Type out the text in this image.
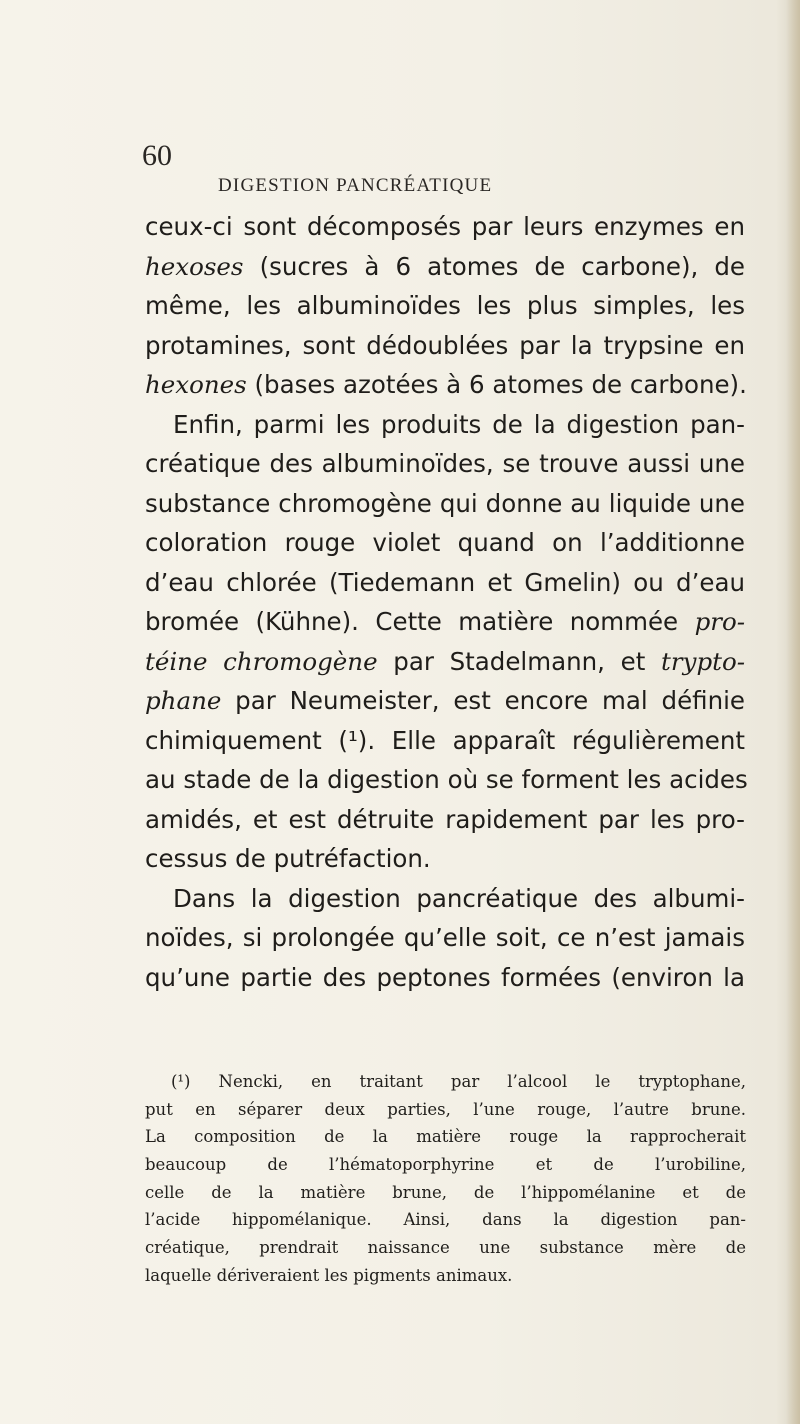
60
DIGESTION PANCRÉATIQUE
ceux-ci sont décomposés par leurs enzymes en
hexoses (sucres à 6 atomes de carbone), de
même, les albuminoïdes les plus simples, les
protamines, sont dédoublées par la trypsine en
hexones (bases azotées à 6 atomes de carbone).
Enfin, parmi les produits de la digestion pan-
créatique des albuminoïdes, se trouve aussi une
substance chromogène qui donne au liquide une
coloration rouge violet quand on l’additionne
d’eau chlorée (Tiedemann et Gmelin) ou d’eau
bromée (Kühne). Cette matière nommée pro-
téine chromogène par Stadelmann, et trypto-
phane par Neumeister, est encore mal définie
chimiquement (¹). Elle apparaît régulièrement
au stade de la digestion où se forment les acides
amidés, et est détruite rapidement par les pro-
cessus de putréfaction.
Dans la digestion pancréatique des albumi-
noïdes, si prolongée qu’elle soit, ce n’est jamais
qu’une partie des peptones formées (environ la
(¹) Nencki, en traitant par l’alcool le tryptophane,
put en séparer deux parties, l’une rouge, l’autre brune.
La composition de la matière rouge la rapprocherait
beaucoup de l’hématoporphyrine et de l’urobiline,
celle de la matière brune, de l’hippomélanine et de
l’acide hippomélanique. Ainsi, dans la digestion pan-
créatique, prendrait naissance une substance mère de
laquelle dériveraient les pigments animaux.
